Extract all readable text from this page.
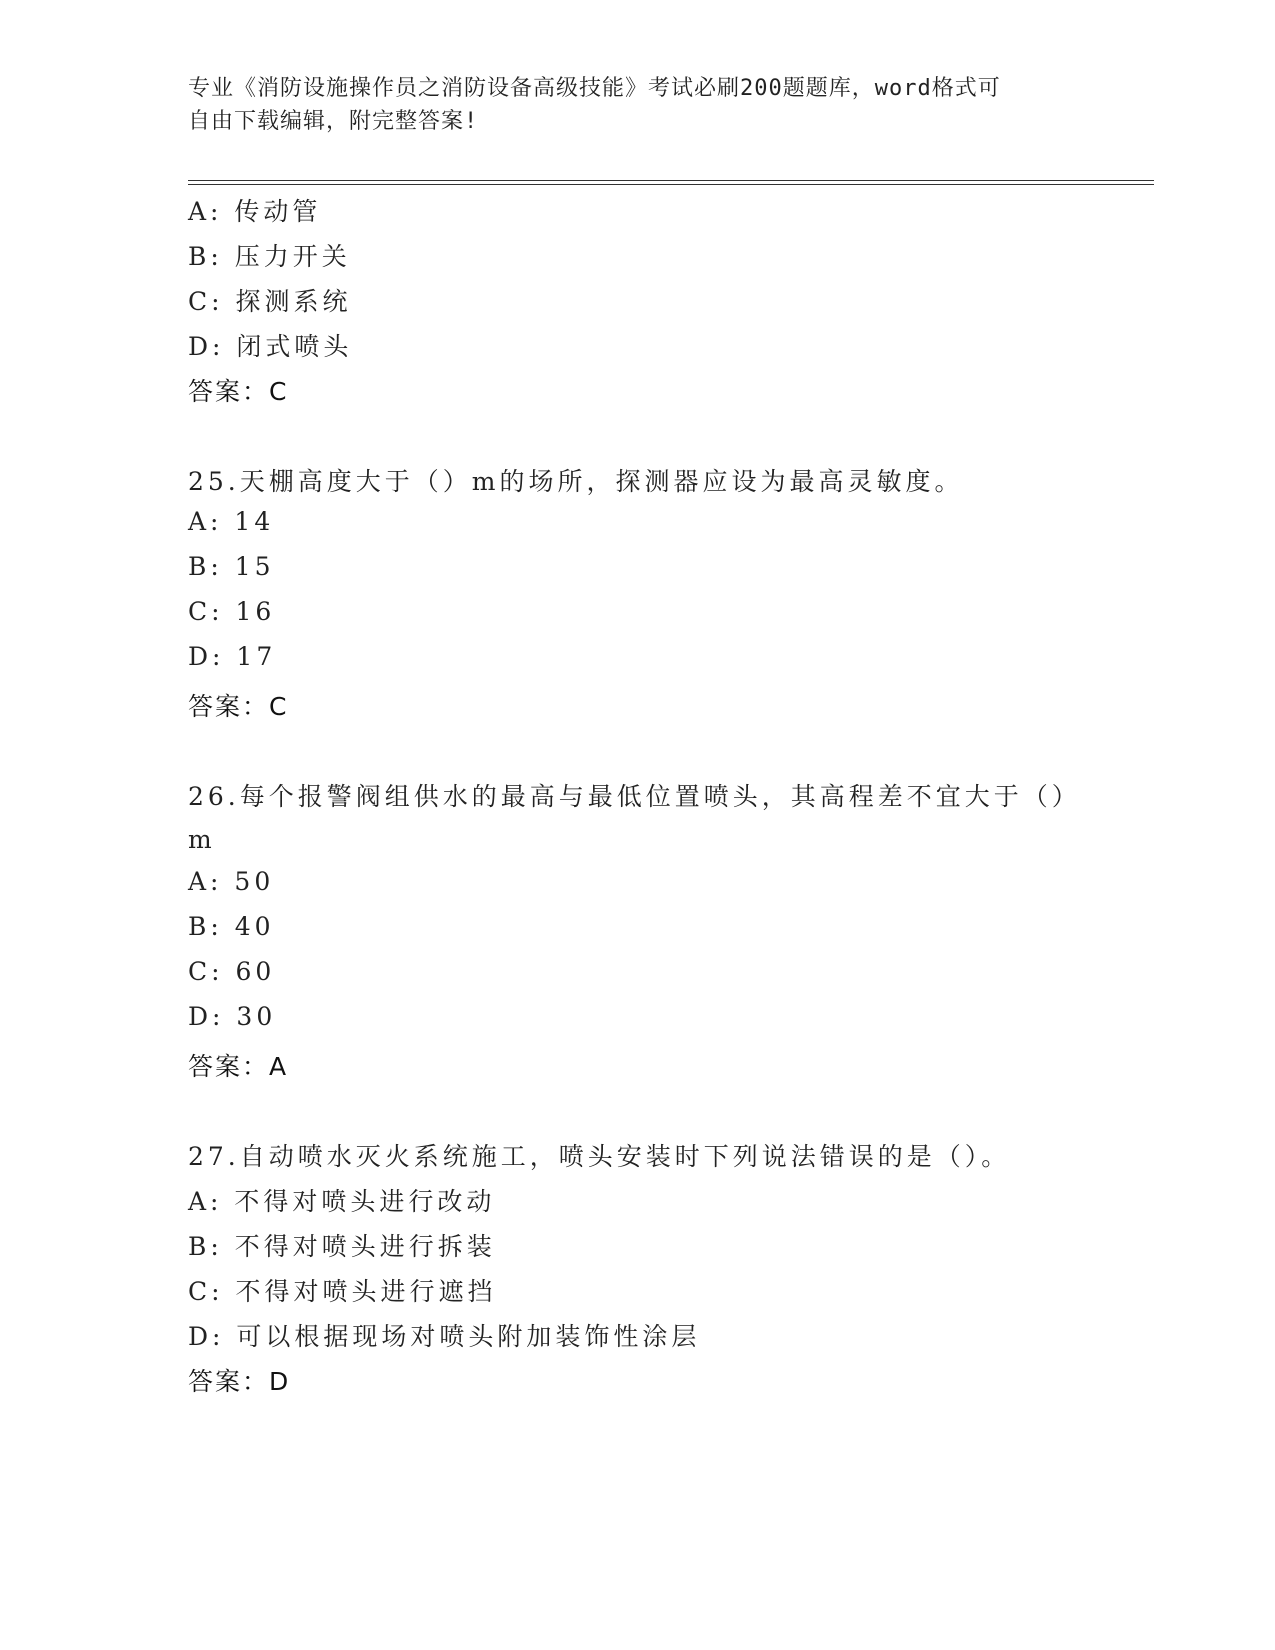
专业《消防设施操作员之消防设备高级技能》考试必刷200题题库，word格式可
自由下载编辑，附完整答案!
A: 传动管
B: 压力开关
C: 探测系统
D: 闭式喷头
答案：C
25.天棚高度大于（）m的场所，探测器应设为最高灵敏度。
A: 14
B: 15
C: 16
D: 17
答案：C
26.每个报警阀组供水的最高与最低位置喷头，其高程差不宜大于（）
m
A: 50
B: 40
C: 60
D: 30
答案：A
27.自动喷水灭火系统施工，喷头安装时下列说法错误的是（）。
A: 不得对喷头进行改动
B: 不得对喷头进行拆装
C: 不得对喷头进行遮挡
D: 可以根据现场对喷头附加装饰性涂层
答案：D
